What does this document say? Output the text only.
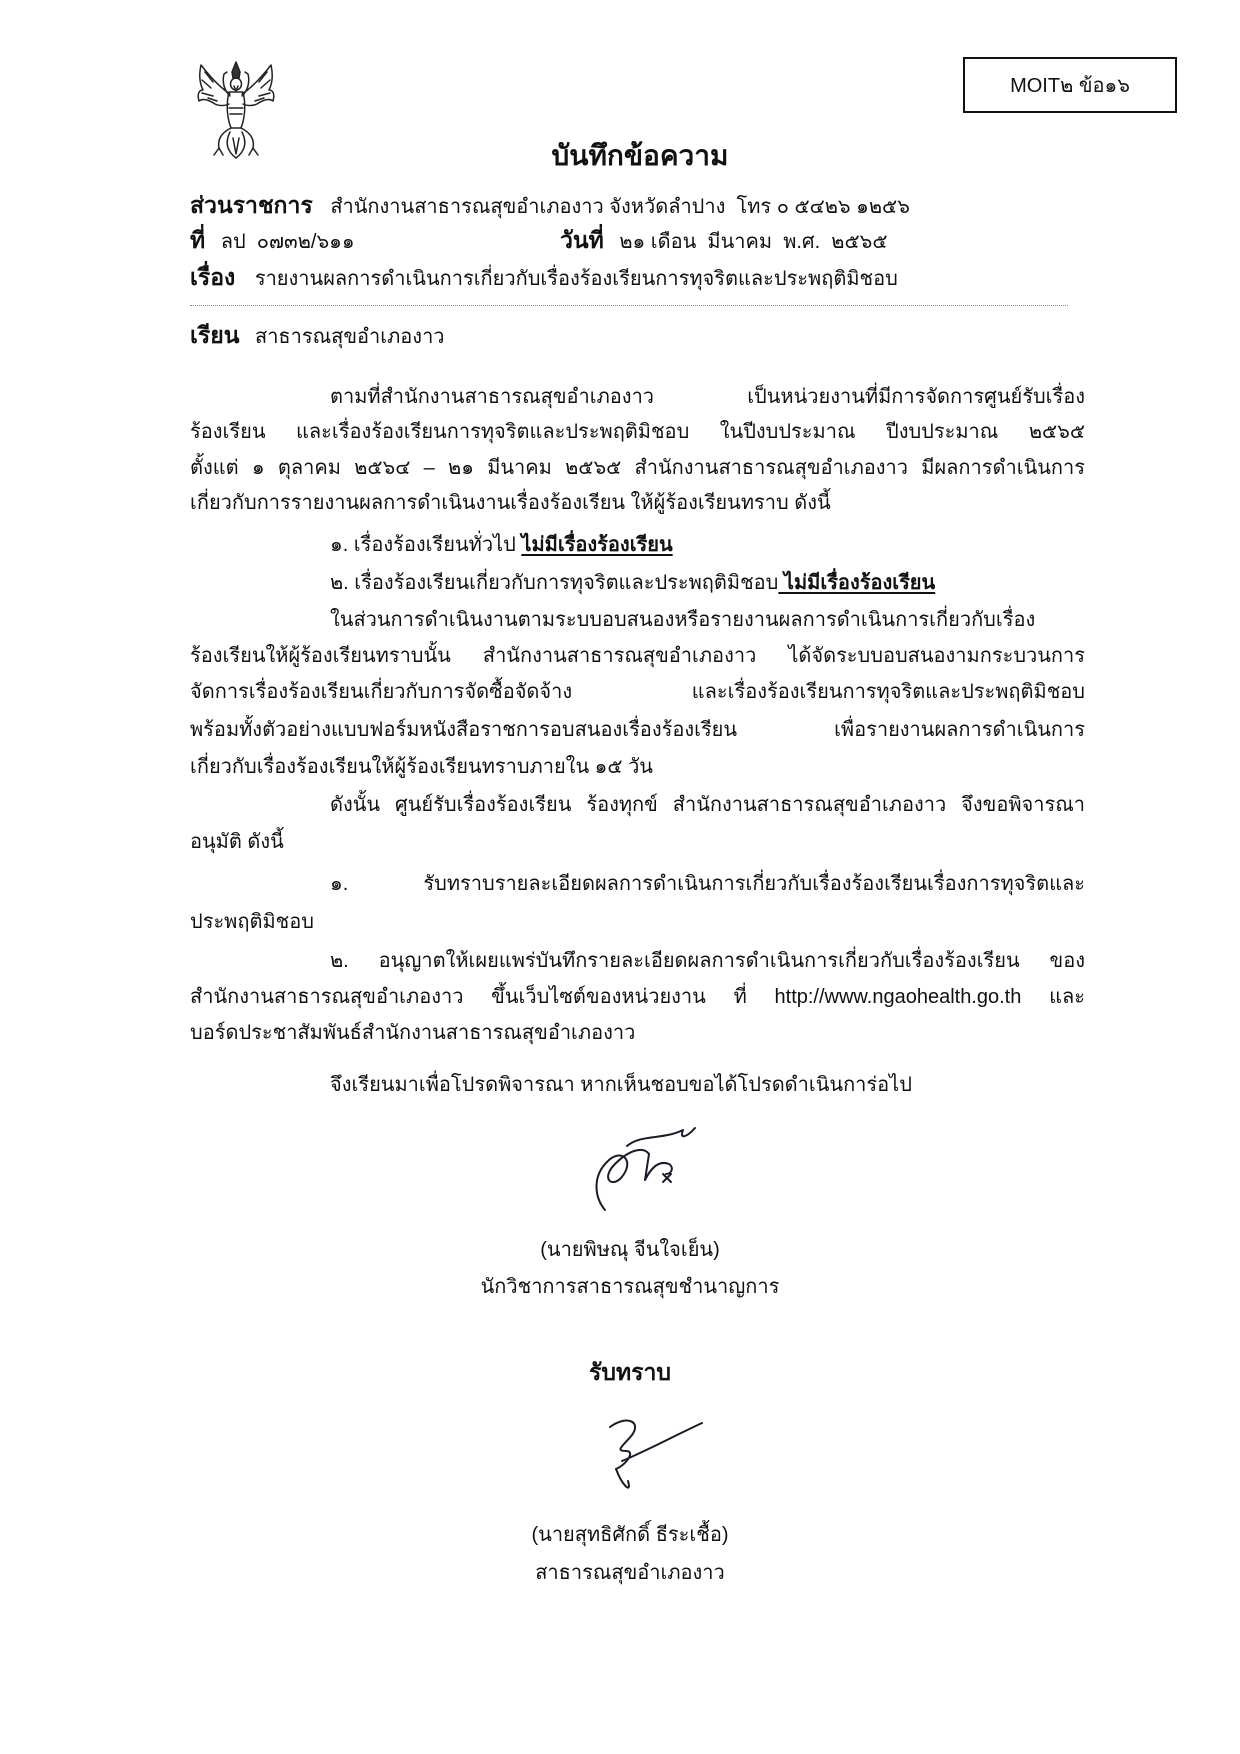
MOIT๒ ข้อ๑๖
บันทึกข้อความ
ส่วนราชการ สำนักงานสาธารณสุขอำเภองาว จังหวัดลำปาง  โทร ๐ ๕๔๒๖ ๑๒๕๖
ที่ ลป  ๐๗๓๒/๖๑๑	วันที่ ๒๑ เดือน  มีนาคม  พ.ศ.  ๒๕๖๕
เรื่อง รายงานผลการดำเนินการเกี่ยวกับเรื่องร้องเรียนการทุจริตและประพฤติมิชอบ
เรียน สาธารณสุขอำเภองาว
ตามที่สำนักงานสาธารณสุขอำเภองาว เป็นหน่วยงานที่มีการจัดการศูนย์รับเรื่อง
ร้องเรียน และเรื่องร้องเรียนการทุจริตและประพฤติมิชอบ ในปีงบประมาณ ปีงบประมาณ ๒๕๖๕
ตั้งแต่ ๑ ตุลาคม ๒๕๖๔ – ๒๑ มีนาคม ๒๕๖๕ สำนักงานสาธารณสุขอำเภองาว มีผลการดำเนินการ
เกี่ยวกับการรายงานผลการดำเนินงานเรื่องร้องเรียน ให้ผู้ร้องเรียนทราบ ดังนี้
๑. เรื่องร้องเรียนทั่วไป ไม่มีเรื่องร้องเรียน
๒. เรื่องร้องเรียนเกี่ยวกับการทุจริตและประพฤติมิชอบ ไม่มีเรื่องร้องเรียน
ในส่วนการดำเนินงานตามระบบอบสนองหรือรายงานผลการดำเนินการเกี่ยวกับเรื่อง
ร้องเรียนให้ผู้ร้องเรียนทราบนั้น สำนักงานสาธารณสุขอำเภองาว ได้จัดระบบอบสนองามกระบวนการ
จัดการเรื่องร้องเรียนเกี่ยวกับการจัดซื้อจัดจ้าง และเรื่องร้องเรียนการทุจริตและประพฤติมิชอบ
พร้อมทั้งตัวอย่างแบบฟอร์มหนังสือราชการอบสนองเรื่องร้องเรียน เพื่อรายงานผลการดำเนินการ
เกี่ยวกับเรื่องร้องเรียนให้ผู้ร้องเรียนทราบภายใน ๑๕ วัน
ดังนั้น ศูนย์รับเรื่องร้องเรียน ร้องทุกข์ สำนักงานสาธารณสุขอำเภองาว จึงขอพิจารณา
อนุมัติ ดังนี้
๑. รับทราบรายละเอียดผลการดำเนินการเกี่ยวกับเรื่องร้องเรียนเรื่องการทุจริตและ
ประพฤติมิชอบ
๒. อนุญาตให้เผยแพร่บันทึกรายละเอียดผลการดำเนินการเกี่ยวกับเรื่องร้องเรียน ของ
สำนักงานสาธารณสุขอำเภองาว ขึ้นเว็บไซต์ของหน่วยงาน ที่ http://www.ngaohealth.go.th และ
บอร์ดประชาสัมพันธ์สำนักงานสาธารณสุขอำเภองาว
จึงเรียนมาเพื่อโปรดพิจารณา หากเห็นชอบขอได้โปรดดำเนินการ่อไป
(นายพิษณุ จีนใจเย็น)
นักวิชาการสาธารณสุขชำนาญการ
รับทราบ
(นายสุทธิศักดิ์ ธีระเชื้อ)
สาธารณสุขอำเภองาว
